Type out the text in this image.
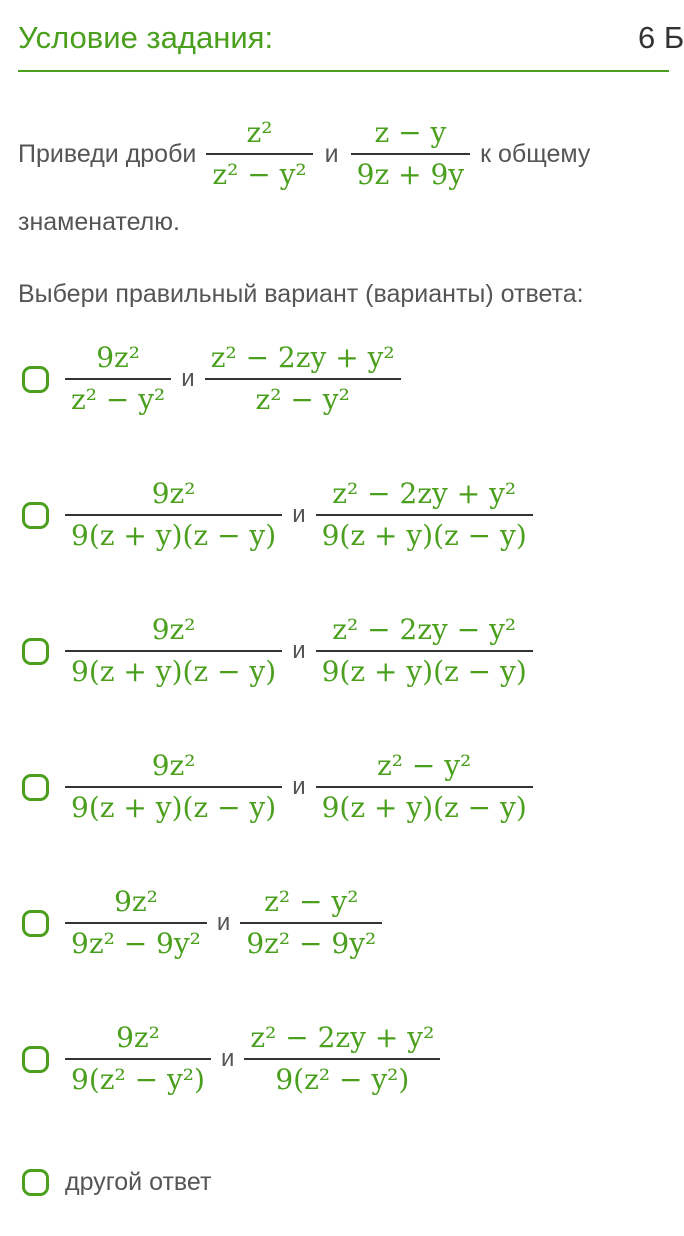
Условие задания:	6 Б
Приведи дроби $\frac{\text{z²}}{\text{z² − y²}}$ и $\frac{z - y}{9z + 9y}$ к общему
знаменателю.
Выбери правильный вариант (варианты) ответа:
$\frac{\text{9z²}}{\text{z² − y²}}$ и $\frac{\text{z² − 2zy + y²}}{\text{z² − y²}}$
$\frac{\text{9z²}}{9(z + y)(z - y)}$ и $\frac{\text{z² − 2zy + y²}}{9(z + y)(z - y)}$
$\frac{\text{9z²}}{9(z + y)(z - y)}$ и $\frac{\text{z² − 2zy − y²}}{9(z + y)(z - y)}$
$\frac{\text{9z²}}{9(z + y)(z - y)}$ и $\frac{\text{z² − y²}}{9(z + y)(z - y)}$
$\frac{\text{9z²}}{\text{9z² − 9y²}}$ и $\frac{\text{z² − y²}}{\text{9z² − 9y²}}$
$\frac{\text{9z²}}{\text{9(z² − y²)}}$ и $\frac{\text{z² − 2zy + y²}}{\text{9(z² − y²)}}$
другой ответ
